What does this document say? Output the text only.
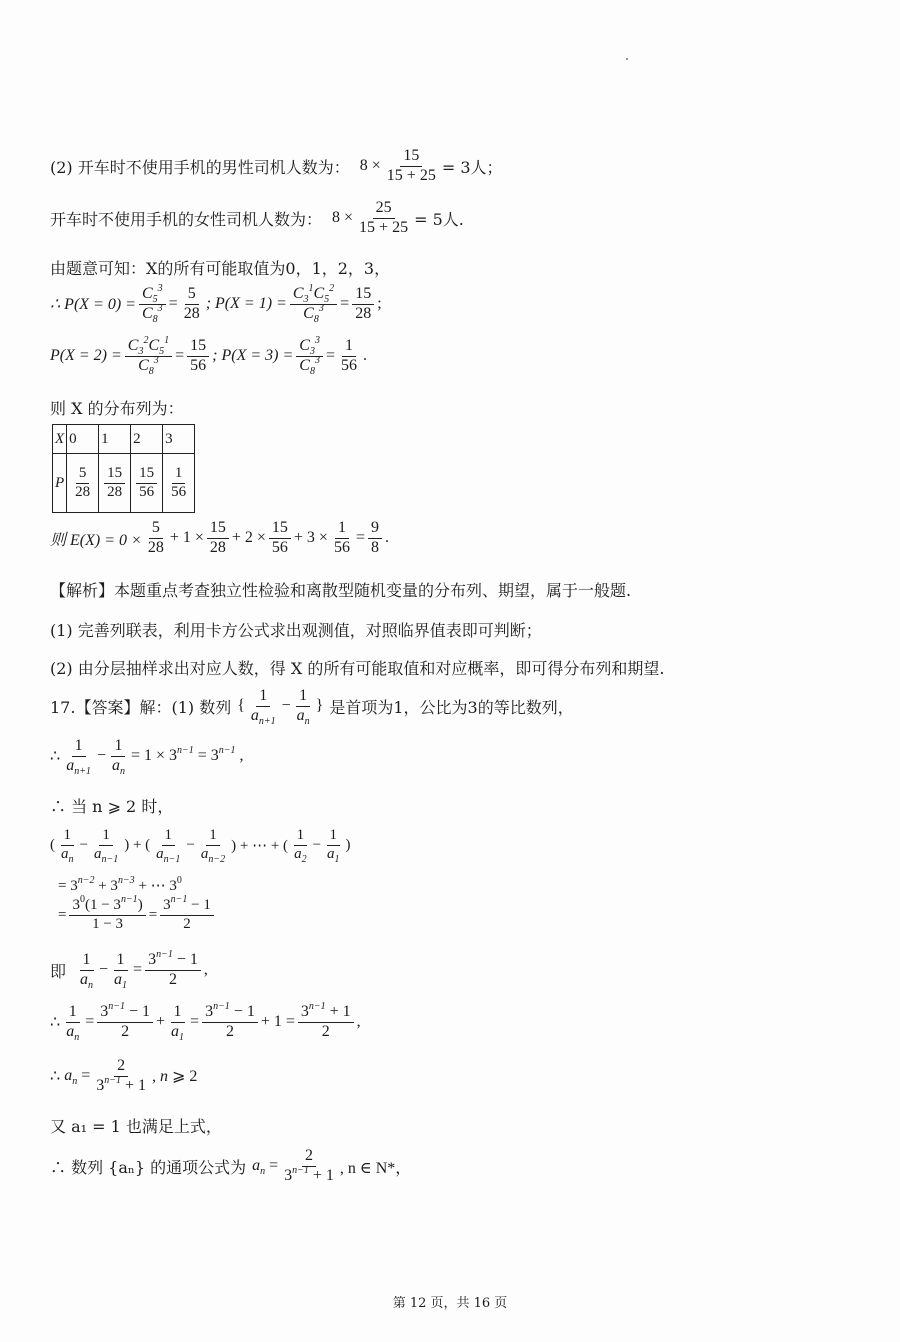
(2) 开车时不使用手机的男性司机人数为： $8 \times \frac{15}{15 + 25} = 3$人；
开车时不使用手机的女性司机人数为： $8 \times \frac{25}{15 + 25} = 5$人.
由题意可知：X的所有可能取值为0，1，2，3，
∴ $P(X = 0) = \frac{C_5^3}{C_8^3} = \frac{5}{28}$ ; $P(X = 1) = \frac{C_3^1C_5^2}{C_8^3} = \frac{15}{28}$ ;
$P(X = 2) = \frac{C_3^2C_5^1}{C_8^3} = \frac{15}{56}$ ; $P(X = 3) = \frac{C_3^3}{C_8^3} = \frac{1}{56}$ .
则 X 的分布列为：
X	0	1	2	3
P	$\frac{5}{28}$	$\frac{15}{28}$	$\frac{15}{56}$	$\frac{1}{56}$
则 $E(X) = 0 \times \frac{5}{28} + 1 \times \frac{15}{28} + 2 \times \frac{15}{56} + 3 \times \frac{1}{56} = \frac{9}{8}$ .
【解析】本题重点考查独立性检验和离散型随机变量的分布列、期望，属于一般题.
(1) 完善列联表，利用卡方公式求出观测值，对照临界值表即可判断；
(2) 由分层抽样求出对应人数，得 X 的所有可能取值和对应概率，即可得分布列和期望.
17.【答案】解：(1) 数列 { $\frac{1}{a_{n+1}} - \frac{1}{a_n}$ } 是首项为1，公比为3的等比数列，
∴ $\frac{1}{a_{n+1}} - \frac{1}{a_n} = 1 \times 3^{n-1} = 3^{n-1}$ ,
∴ 当 n ⩾ 2 时，
( $\frac{1}{a_n} - \frac{1}{a_{n-1}}$ ) + ( $\frac{1}{a_{n-1}} - \frac{1}{a_{n-2}}$ ) + ⋯ + ( $\frac{1}{a_2} - \frac{1}{a_1}$ )
= $3^{n-2} + 3^{n-3}$ + ⋯ $3^0$
= $\frac{3^0(1 - 3^{n-1})}{1 - 3} = \frac{3^{n-1} - 1}{2}$
即 $\frac{1}{a_n} - \frac{1}{a_1} = \frac{3^{n-1} - 1}{2}$ ,
∴ $\frac{1}{a_n} = \frac{3^{n-1} - 1}{2} + \frac{1}{a_1} = \frac{3^{n-1} - 1}{2} + 1 = \frac{3^{n-1} + 1}{2}$ ,
∴ $a_n = \frac{2}{3^{n-1} + 1}$ , n ⩾ 2
又 a₁ = 1 也满足上式，
∴ 数列 {aₙ} 的通项公式为 $a_n = \frac{2}{3^{n-1} + 1}$ , n ∈ N*，
第 12 页，共 16 页
